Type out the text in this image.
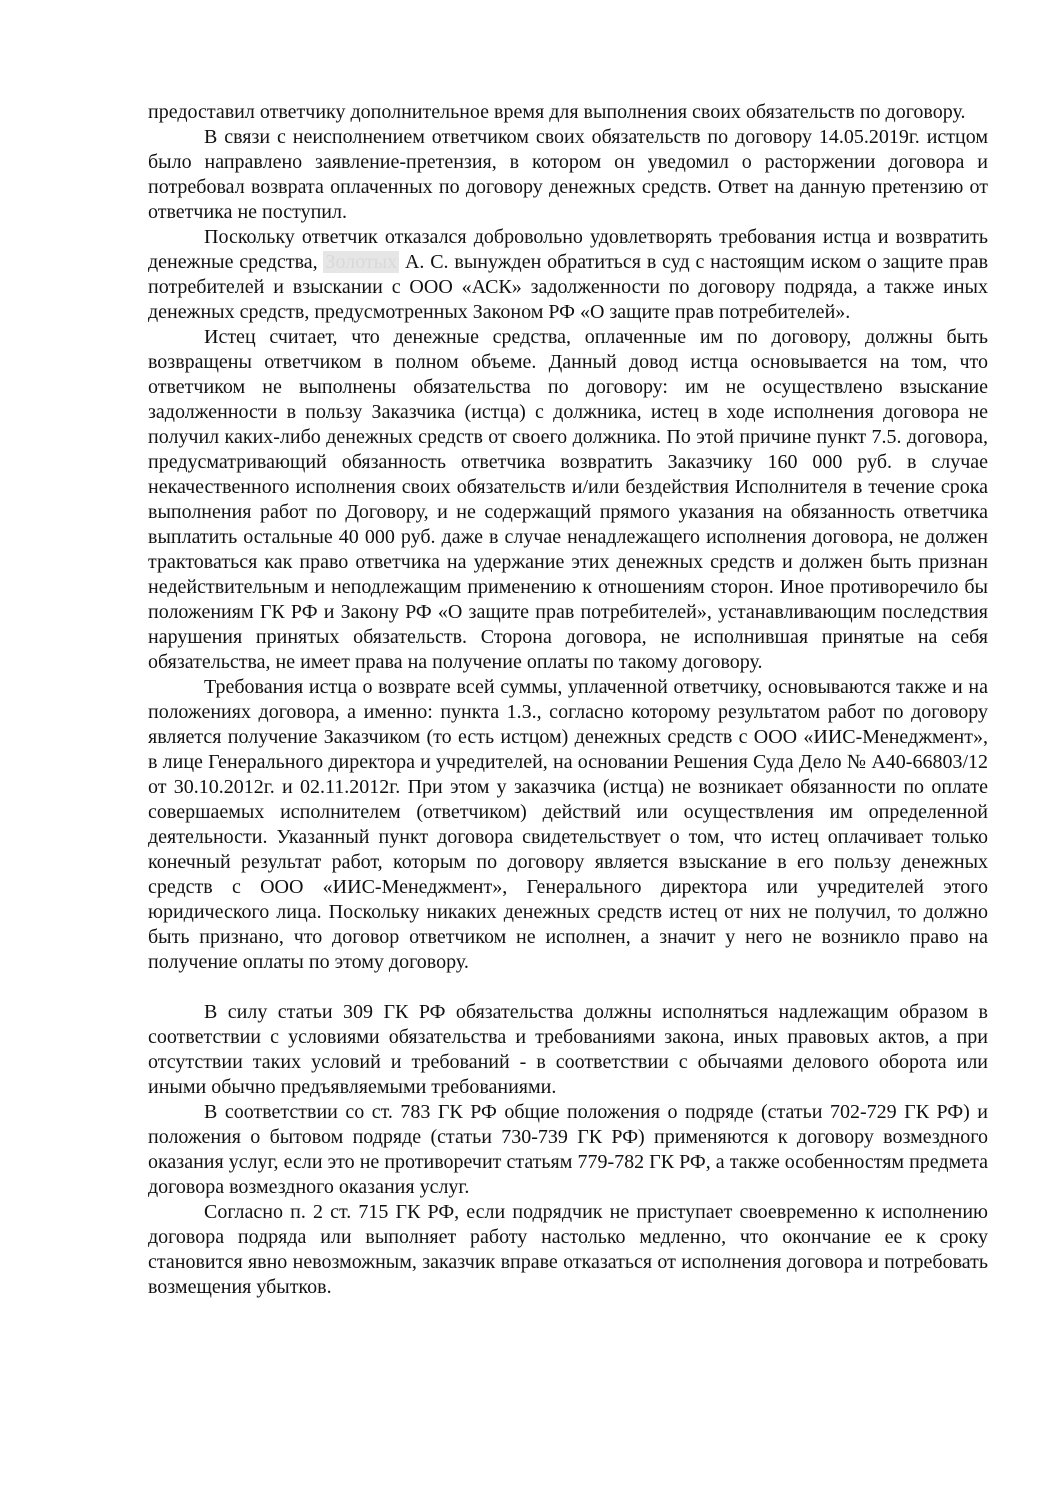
предоставил ответчику дополнительное время для выполнения своих обязательств по договору.

В связи с неисполнением ответчиком своих обязательств по договору 14.05.2019г. истцом было направлено заявление-претензия, в котором он уведомил о расторжении договора и потребовал возврата оплаченных по договору денежных средств. Ответ на данную претензию от ответчика не поступил.

Поскольку ответчик отказался добровольно удовлетворять требования истца и возвратить денежные средства, Золотых А. С. вынужден обратиться в суд с настоящим иском о защите прав потребителей и взыскании с ООО «АСК» задолженности по договору подряда, а также иных денежных средств, предусмотренных Законом РФ «О защите прав потребителей».

Истец считает, что денежные средства, оплаченные им по договору, должны быть возвращены ответчиком в полном объеме. Данный довод истца основывается на том, что ответчиком не выполнены обязательства по договору: им не осуществлено взыскание задолженности в пользу Заказчика (истца) с должника, истец в ходе исполнения договора не получил каких-либо денежных средств от своего должника. По этой причине пункт 7.5. договора, предусматривающий обязанность ответчика возвратить Заказчику 160 000 руб. в случае некачественного исполнения своих обязательств и/или бездействия Исполнителя в течение срока выполнения работ по Договору, и не содержащий прямого указания на обязанность ответчика выплатить остальные 40 000 руб. даже в случае ненадлежащего исполнения договора, не должен трактоваться как право ответчика на удержание этих денежных средств и должен быть признан недействительным и неподлежащим применению к отношениям сторон. Иное противоречило бы положениям ГК РФ и Закону РФ «О защите прав потребителей», устанавливающим последствия нарушения принятых обязательств. Сторона договора, не исполнившая принятые на себя обязательства, не имеет права на получение оплаты по такому договору.

Требования истца о возврате всей суммы, уплаченной ответчику, основываются также и на положениях договора, а именно: пункта 1.3., согласно которому результатом работ по договору является получение Заказчиком (то есть истцом) денежных средств с ООО «ИИС-Менеджмент», в лице Генерального директора и учредителей, на основании Решения Суда Дело № А40-66803/12 от 30.10.2012г. и 02.11.2012г. При этом у заказчика (истца) не возникает обязанности по оплате совершаемых исполнителем (ответчиком) действий или осуществления им определенной деятельности. Указанный пункт договора свидетельствует о том, что истец оплачивает только конечный результат работ, которым по договору является взыскание в его пользу денежных средств с ООО «ИИС-Менеджмент», Генерального директора или учредителей этого юридического лица. Поскольку никаких денежных средств истец от них не получил, то должно быть признано, что договор ответчиком не исполнен, а значит у него не возникло право на получение оплаты по этому договору.

В силу статьи 309 ГК РФ обязательства должны исполняться надлежащим образом в соответствии с условиями обязательства и требованиями закона, иных правовых актов, а при отсутствии таких условий и требований - в соответствии с обычаями делового оборота или иными обычно предъявляемыми требованиями.

В соответствии со ст. 783 ГК РФ общие положения о подряде (статьи 702-729 ГК РФ) и положения о бытовом подряде (статьи 730-739 ГК РФ) применяются к договору возмездного оказания услуг, если это не противоречит статьям 779-782 ГК РФ, а также особенностям предмета договора возмездного оказания услуг.

Согласно п. 2 ст. 715 ГК РФ, если подрядчик не приступает своевременно к исполнению договора подряда или выполняет работу настолько медленно, что окончание ее к сроку становится явно невозможным, заказчик вправе отказаться от исполнения договора и потребовать возмещения убытков.
